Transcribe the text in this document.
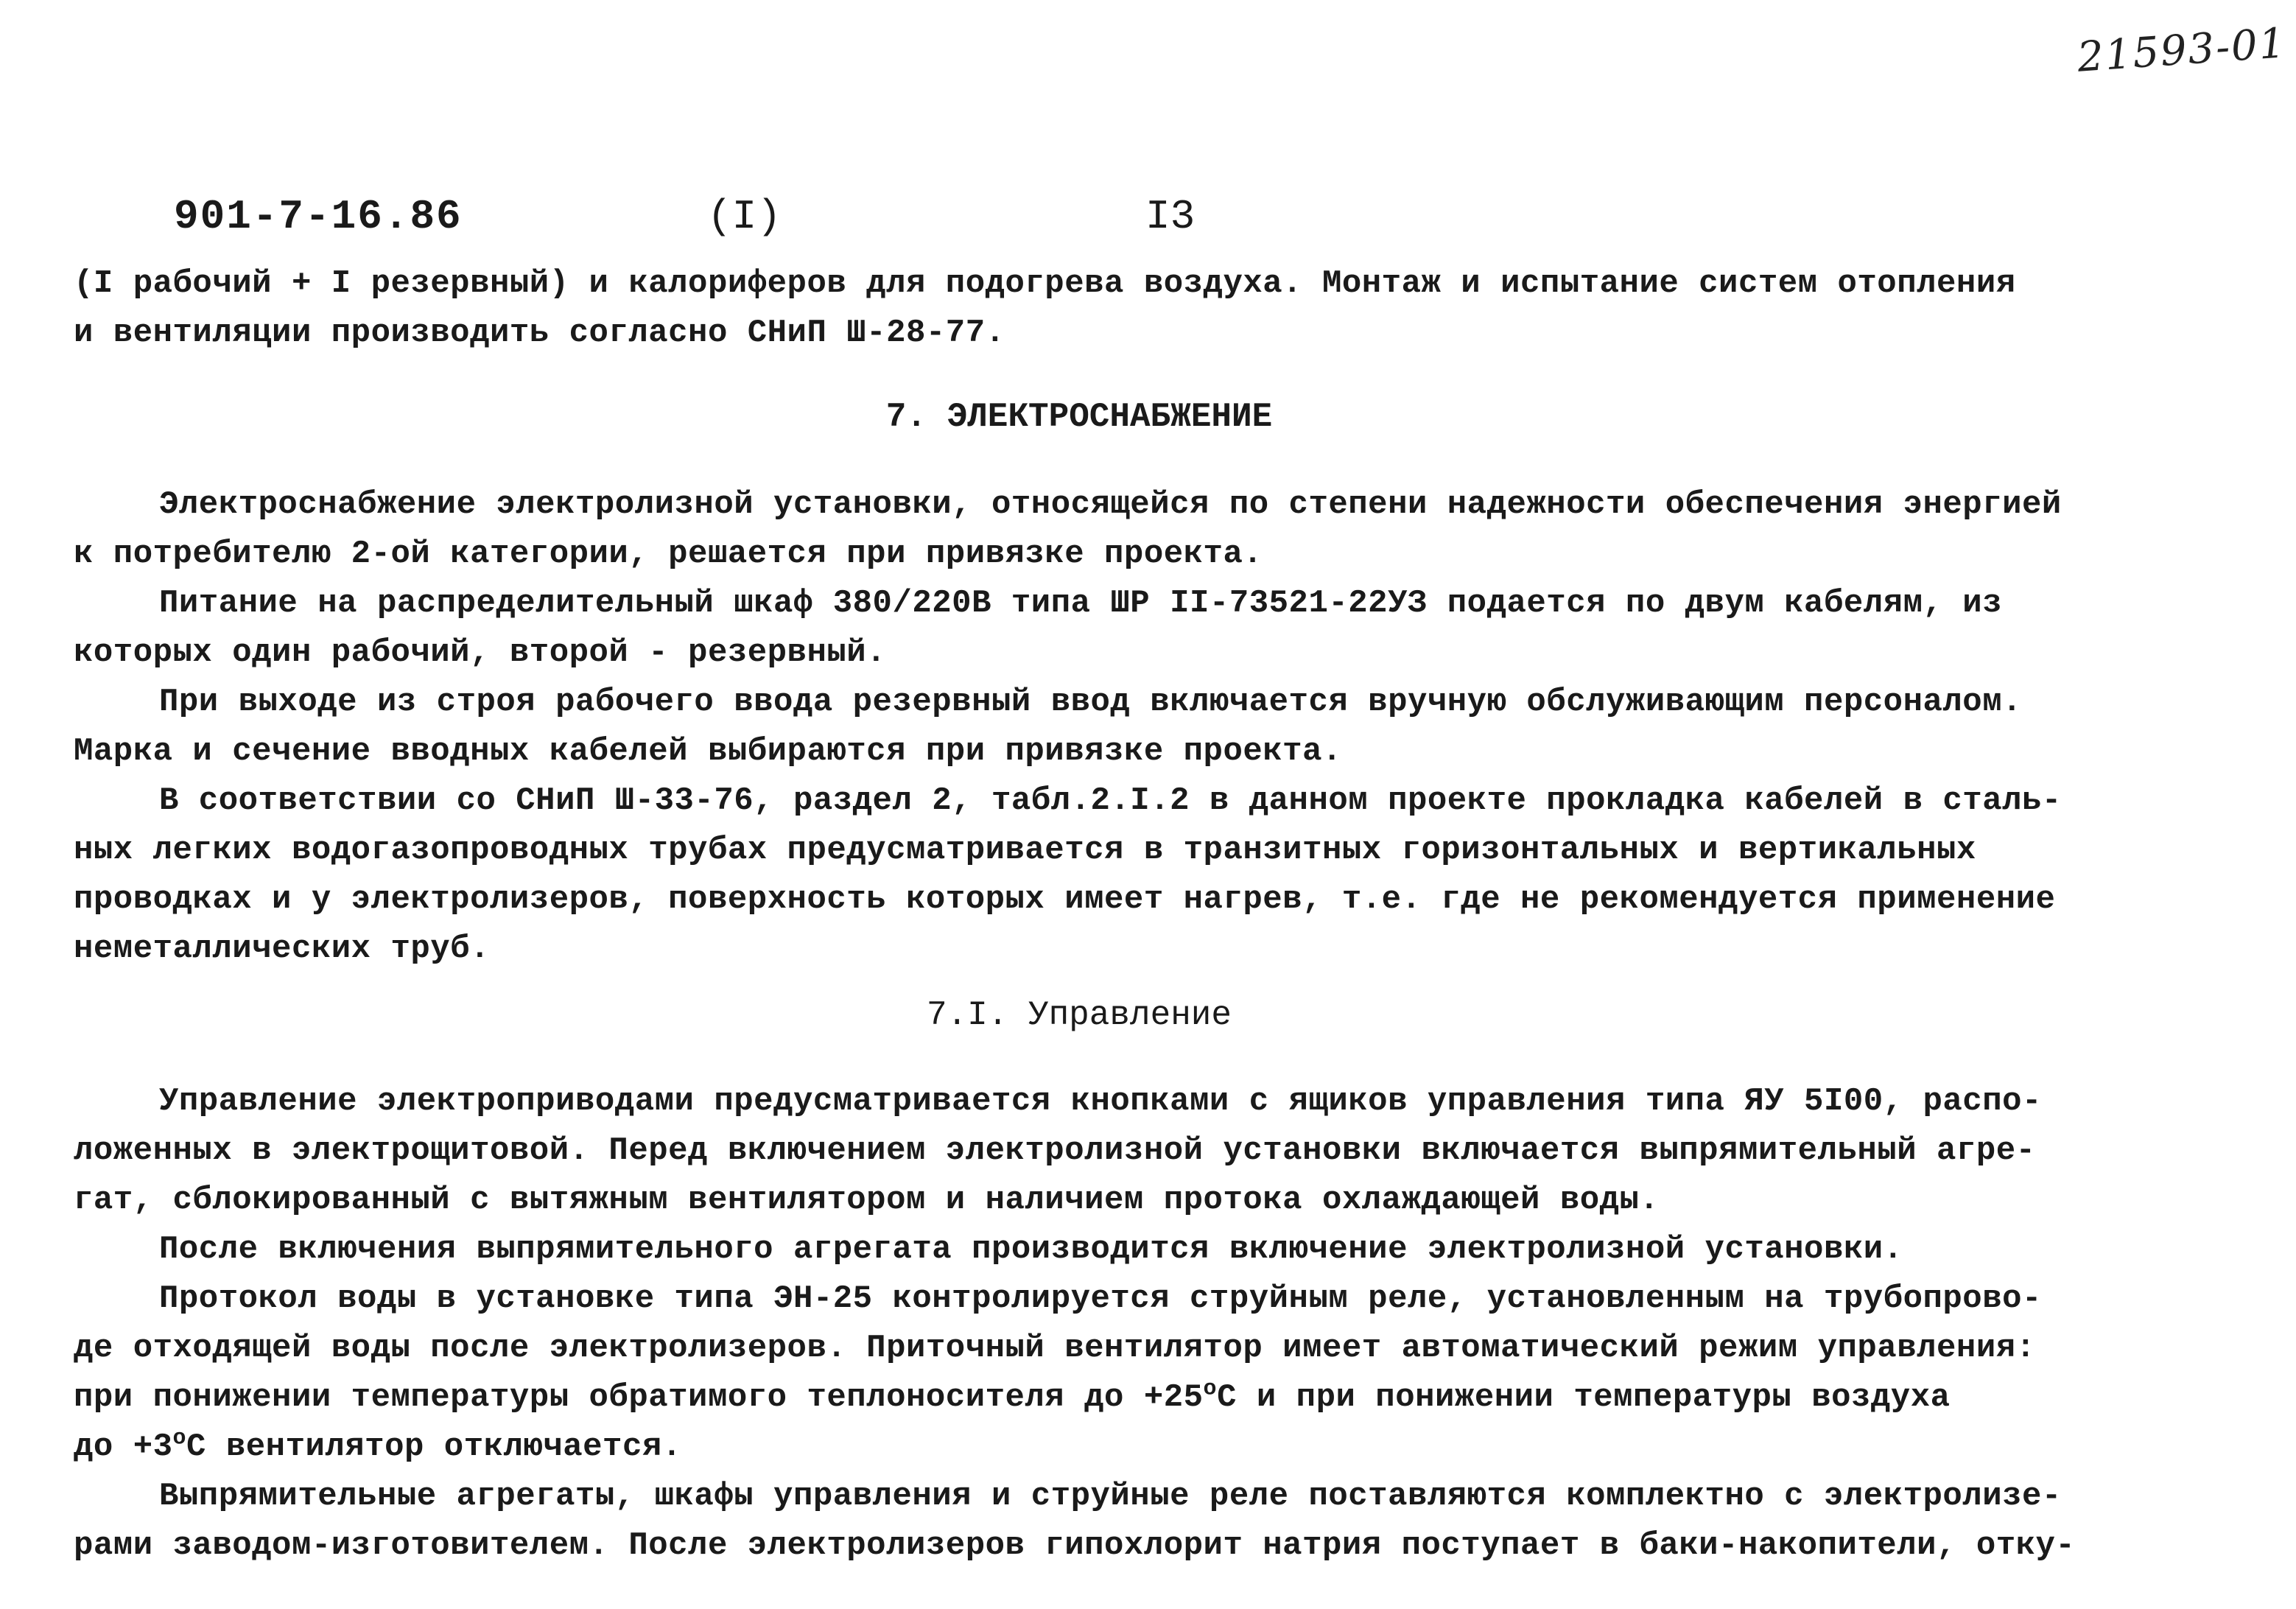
21593-01
901-7-16.86	(I)	I3
(I рабочий + I резервный) и калориферов для подогрева воздуха. Монтаж и испытание систем отопления
и вентиляции производить согласно СНиП Ш-28-77.
7. ЭЛЕКТРОСНАБЖЕНИЕ
Электроснабжение электролизной установки, относящейся по степени надежности обеспечения энергией
к потребителю 2-ой категории, решается при привязке проекта.
Питание на распределительный шкаф 380/220В типа ШР II-73521-22УЗ подается по двум кабелям, из
которых один рабочий, второй - резервный.
При выходе из строя рабочего ввода резервный ввод включается вручную обслуживающим персоналом.
Марка и сечение вводных кабелей выбираются при привязке проекта.
В соответствии со СНиП Ш-33-76, раздел 2, табл.2.I.2 в данном проекте прокладка кабелей в сталь-
ных легких водогазопроводных трубах предусматривается в транзитных горизонтальных и вертикальных
проводках и у электролизеров, поверхность которых имеет нагрев, т.е. где не рекомендуется применение
неметаллических труб.
7.I. Управление
Управление электроприводами предусматривается кнопками с ящиков управления типа ЯУ 5I00, распо-
ложенных в электрощитовой. Перед включением электролизной установки включается выпрямительный агре-
гат, сблокированный с вытяжным вентилятором и наличием протока охлаждающей воды.
После включения выпрямительного агрегата производится включение электролизной установки.
Протокол воды в установке типа ЭН-25 контролируется струйным реле, установленным на трубопрово-
де отходящей воды после электролизеров. Приточный вентилятор имеет автоматический режим управления:
при понижении температуры обратимого теплоносителя до $+25^оС$ и при понижении температуры воздуха
до $+3^оС$ вентилятор отключается.
Выпрямительные агрегаты, шкафы управления и струйные реле поставляются комплектно с электролизе-
рами заводом-изготовителем. После электролизеров гипохлорит натрия поступает в баки-накопители, отку-
